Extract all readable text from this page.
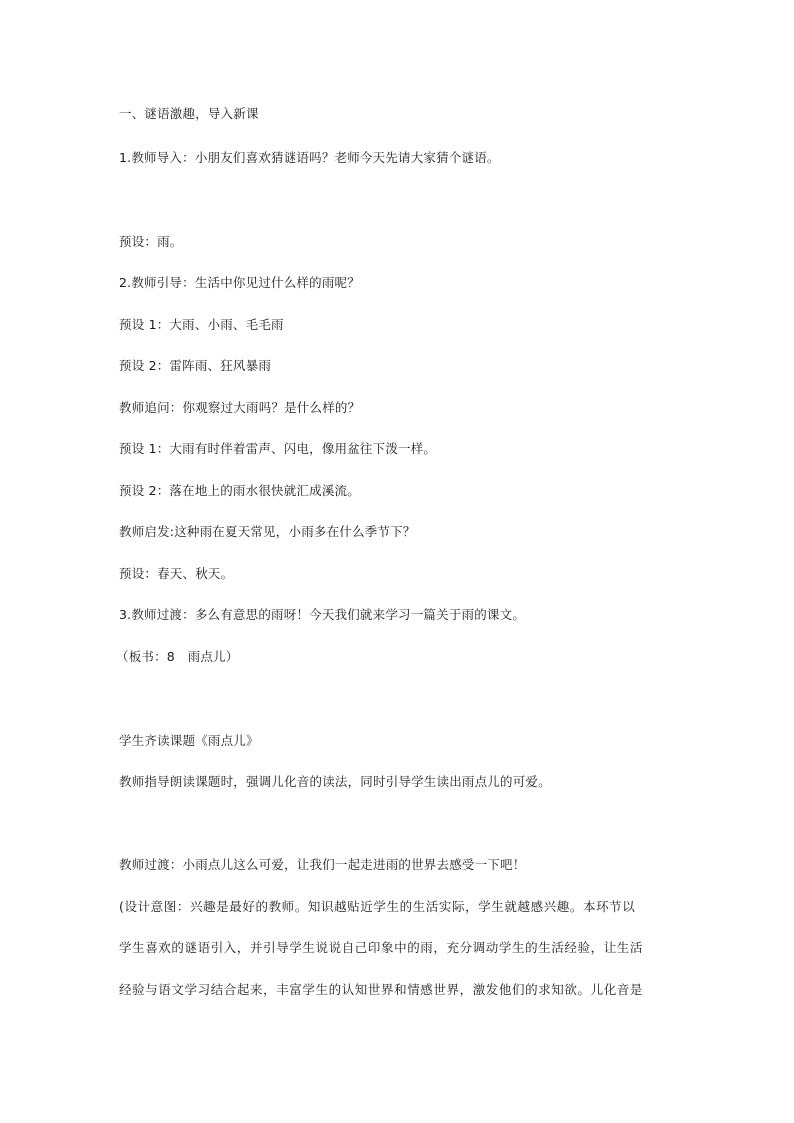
一、谜语激趣，导入新课
1.教师导入：小朋友们喜欢猜谜语吗？老师今天先请大家猜个谜语。
预设：雨。
2.教师引导：生活中你见过什么样的雨呢？
预设 1：大雨、小雨、毛毛雨
预设 2：雷阵雨、狂风暴雨
教师追问：你观察过大雨吗？是什么样的？
预设 1：大雨有时伴着雷声、闪电，像用盆往下泼一样。
预设 2：落在地上的雨水很快就汇成溪流。
教师启发:这种雨在夏天常见，小雨多在什么季节下？
预设：春天、秋天。
3.教师过渡：多么有意思的雨呀！今天我们就来学习一篇关于雨的课文。
（板书：8　雨点儿）
学生齐读课题《雨点儿》
教师指导朗读课题时，强调儿化音的读法，同时引导学生读出雨点儿的可爱。
教师过渡：小雨点儿这么可爱，让我们一起走进雨的世界去感受一下吧！
(设计意图：兴趣是最好的教师。知识越贴近学生的生活实际，学生就越感兴趣。本环节以
学生喜欢的谜语引入，并引导学生说说自己印象中的雨，充分调动学生的生活经验，让生活
经验与语文学习结合起来，丰富学生的认知世界和情感世界，激发他们的求知欲。儿化音是
